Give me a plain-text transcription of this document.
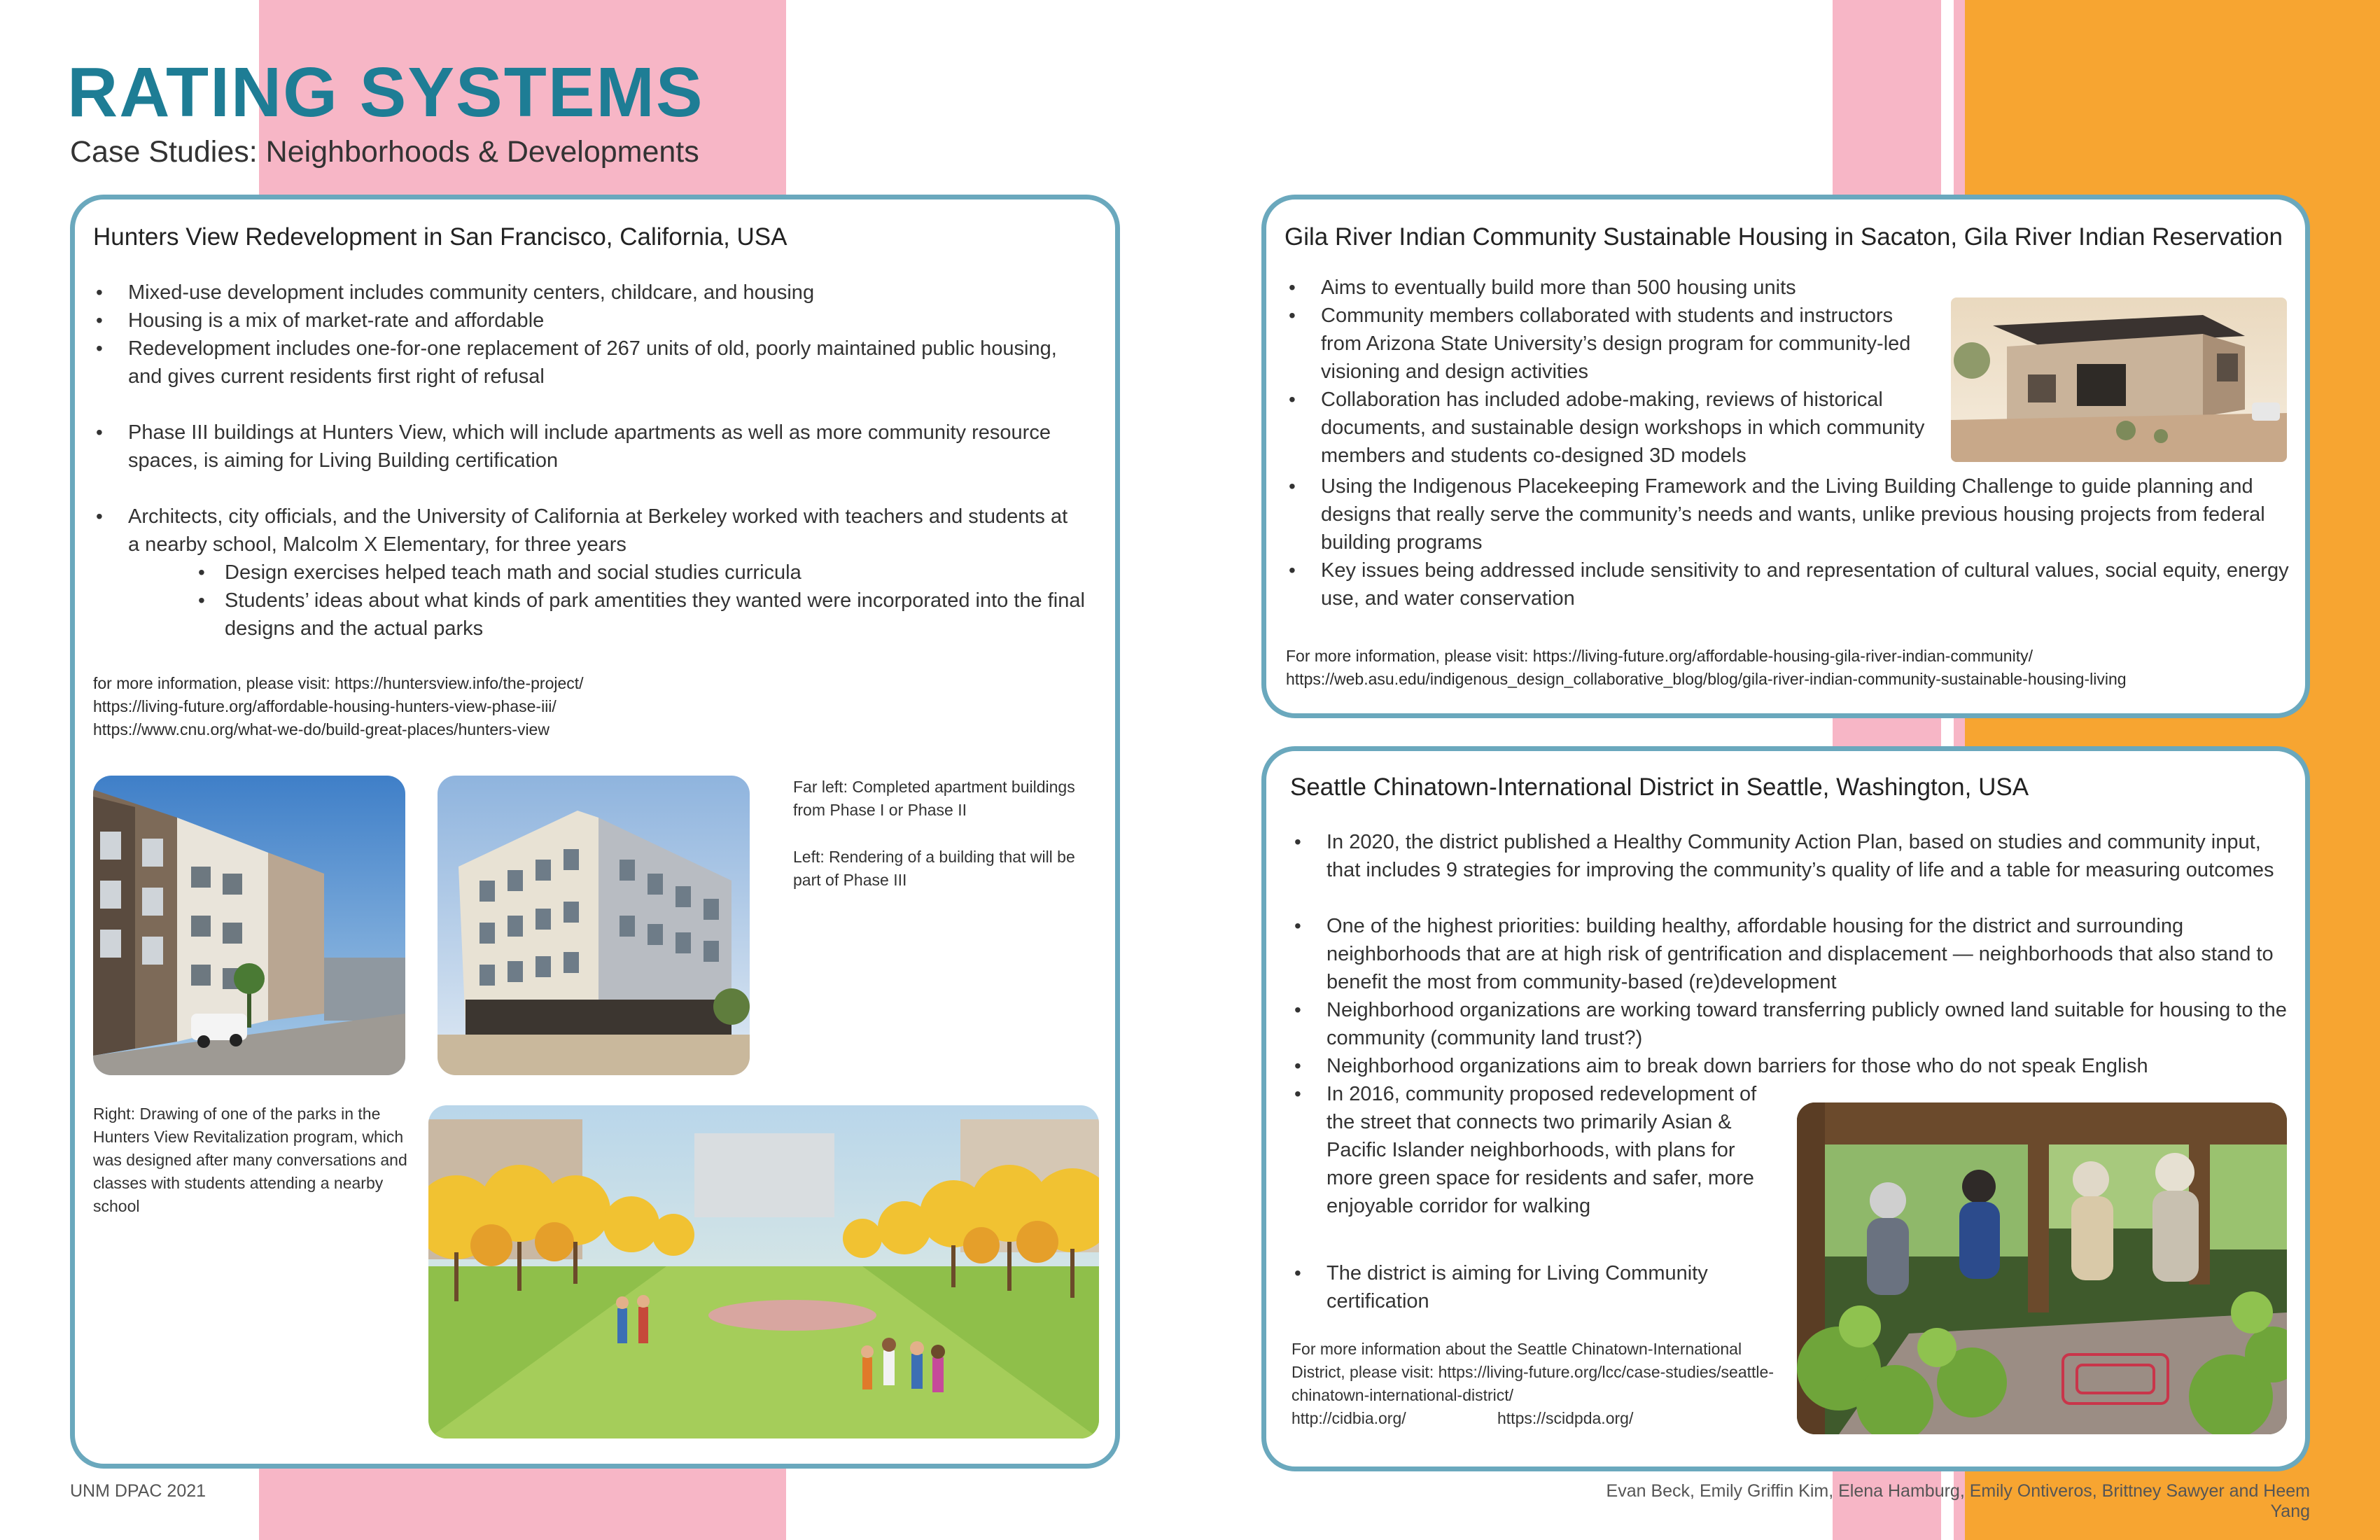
RATING SYSTEMS
Case Studies: Neighborhoods & Developments
Hunters View Redevelopment in San Francisco, California, USA
• Mixed-use development includes community centers, childcare, and housing
• Housing is a mix of market-rate and affordable
• Redevelopment includes one-for-one replacement of 267 units of old, poorly maintained public housing, and gives current residents first right of refusal
• Phase III buildings at Hunters View, which will include apartments as well as more community resource spaces, is aiming for Living Building certification
• Architects, city officials, and the University of California at Berkeley worked with teachers and students at a nearby school, Malcolm X Elementary, for three years
• Design exercises helped teach math and social studies curricula
• Students’ ideas about what kinds of park amentities they wanted were incorporated into the final designs and the actual parks
for more information, please visit: https://huntersview.info/the-project/
https://living-future.org/affordable-housing-hunters-view-phase-iii/
https://www.cnu.org/what-we-do/build-great-places/hunters-view
Far left: Completed apartment buildings from Phase I or Phase II
Left: Rendering of a building that will be part of Phase III
Right: Drawing of one of the parks in the Hunters View Revitalization program, which was designed after many conversations and classes with students attending a nearby school
Gila River Indian Community Sustainable Housing in Sacaton, Gila River Indian Reservation
• Aims to eventually build more than 500 housing units
• Community members collaborated with students and instructors from Arizona State University’s design program for community-led visioning and design activities
• Collaboration has included adobe-making, reviews of historical documents, and sustainable design workshops in which community members and students co-designed 3D models
• Using the Indigenous Placekeeping Framework and the Living Building Challenge to guide planning and designs that really serve the community’s needs and wants, unlike previous housing projects from federal building programs
• Key issues being addressed include sensitivity to and representation of cultural values, social equity, energy use, and water conservation
For more information, please visit: https://living-future.org/affordable-housing-gila-river-indian-community/
https://web.asu.edu/indigenous_design_collaborative_blog/blog/gila-river-indian-community-sustainable-housing-living
Seattle Chinatown-International District in Seattle, Washington, USA
• In 2020, the district published a Healthy Community Action Plan, based on studies and community input, that includes 9 strategies for improving the community’s quality of life and a table for measuring outcomes
• One of the highest priorities: building healthy, affordable housing for the district and surrounding neighborhoods that are at high risk of gentrification and displacement — neighborhoods that also stand to benefit the most from community-based (re)development
• Neighborhood organizations are working toward transferring publicly owned land suitable for housing to the community (community land trust?)
• Neighborhood organizations aim to break down barriers for those who do not speak English
• In 2016, community proposed redevelopment of the street that connects two primarily Asian & Pacific Islander neighborhoods, with plans for more green space for residents and safer, more enjoyable corridor for walking
• The district is aiming for Living Community certification
For more information about the Seattle Chinatown-International District, please visit: https://living-future.org/lcc/case-studies/seattle-chinatown-international-district/
http://cidbia.org/	https://scidpda.org/
UNM DPAC 2021	Evan Beck, Emily Griffin Kim, Elena Hamburg, Emily Ontiveros, Brittney Sawyer and Heem Yang
